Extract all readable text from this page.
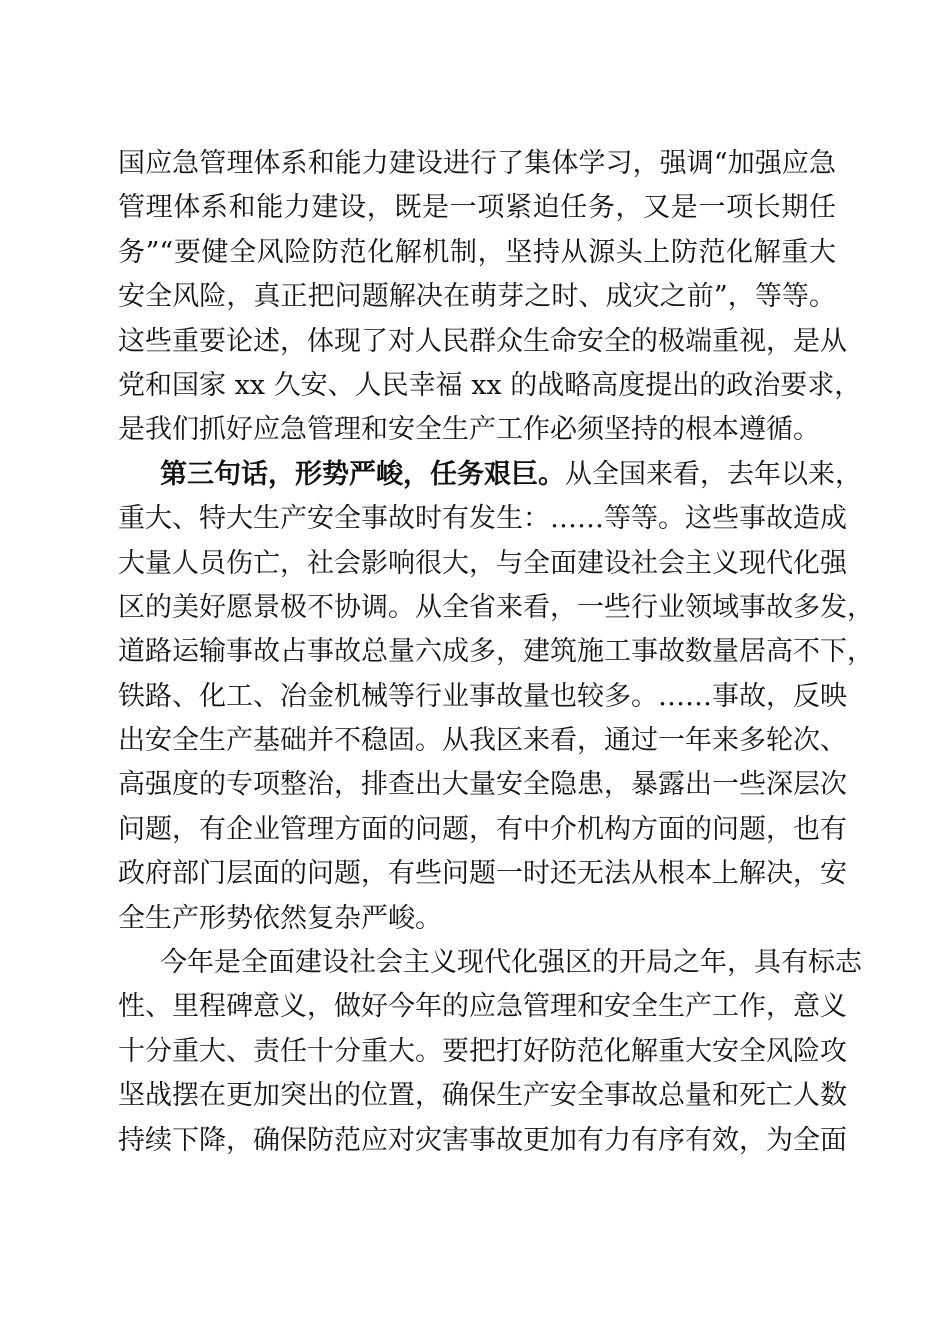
国应急管理体系和能力建设进行了集体学习，强调“加强应急
管理体系和能力建设，既是一项紧迫任务，又是一项长期任
务”“要健全风险防范化解机制，坚持从源头上防范化解重大
安全风险，真正把问题解决在萌芽之时、成灾之前”，等等。
这些重要论述，体现了对人民群众生命安全的极端重视，是从
党和国家 xx 久安、人民幸福 xx 的战略高度提出的政治要求，
是我们抓好应急管理和安全生产工作必须坚持的根本遵循。
第三句话，形势严峻，任务艰巨。从全国来看，去年以来，
重大、特大生产安全事故时有发生：……等等。这些事故造成
大量人员伤亡，社会影响很大，与全面建设社会主义现代化强
区的美好愿景极不协调。从全省来看，一些行业领域事故多发，
道路运输事故占事故总量六成多，建筑施工事故数量居高不下，
铁路、化工、冶金机械等行业事故量也较多。……事故，反映
出安全生产基础并不稳固。从我区来看，通过一年来多轮次、
高强度的专项整治，排查出大量安全隐患，暴露出一些深层次
问题，有企业管理方面的问题，有中介机构方面的问题，也有
政府部门层面的问题，有些问题一时还无法从根本上解决，安
全生产形势依然复杂严峻。
今年是全面建设社会主义现代化强区的开局之年，具有标志
性、里程碑意义，做好今年的应急管理和安全生产工作，意义
十分重大、责任十分重大。要把打好防范化解重大安全风险攻
坚战摆在更加突出的位置，确保生产安全事故总量和死亡人数
持续下降，确保防范应对灾害事故更加有力有序有效，为全面
